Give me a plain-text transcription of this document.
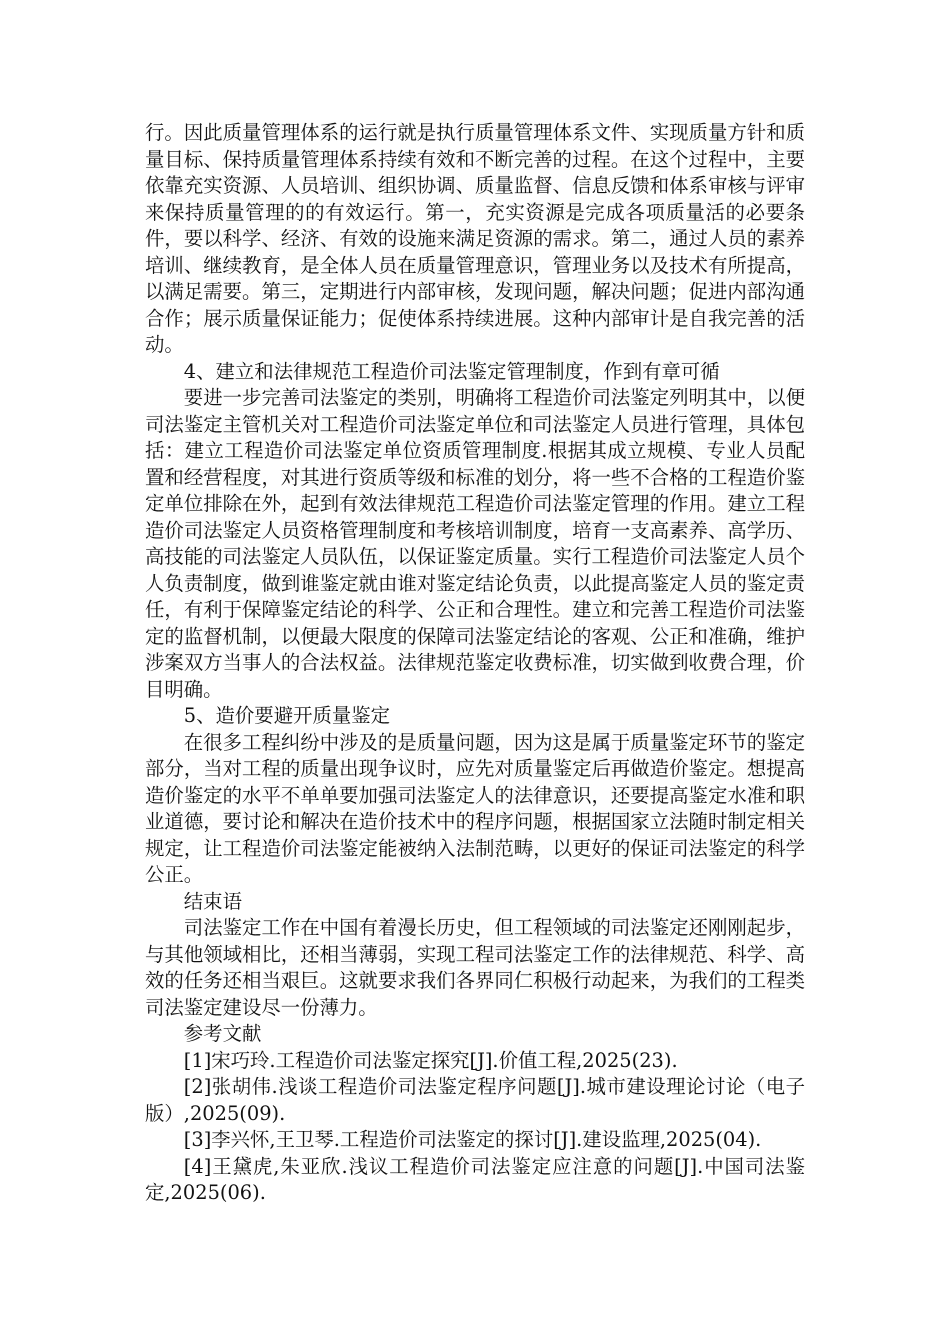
行。因此质量管理体系的运行就是执行质量管理体系文件、实现质量方针和质量目标、保持质量管理体系持续有效和不断完善的过程。在这个过程中，主要依靠充实资源、人员培训、组织协调、质量监督、信息反馈和体系审核与评审来保持质量管理的的有效运行。第一，充实资源是完成各项质量活的必要条件，要以科学、经济、有效的设施来满足资源的需求。第二，通过人员的素养培训、继续教育，是全体人员在质量管理意识，管理业务以及技术有所提高，以满足需要。第三，定期进行内部审核，发现问题，解决问题；促进内部沟通合作；展示质量保证能力；促使体系持续进展。这种内部审计是自我完善的活动。

4、建立和法律规范工程造价司法鉴定管理制度，作到有章可循

要进一步完善司法鉴定的类别，明确将工程造价司法鉴定列明其中，以便司法鉴定主管机关对工程造价司法鉴定单位和司法鉴定人员进行管理，具体包括：建立工程造价司法鉴定单位资质管理制度.根据其成立规模、专业人员配置和经营程度，对其进行资质等级和标准的划分，将一些不合格的工程造价鉴定单位排除在外，起到有效法律规范工程造价司法鉴定管理的作用。建立工程造价司法鉴定人员资格管理制度和考核培训制度，培育一支高素养、高学历、高技能的司法鉴定人员队伍，以保证鉴定质量。实行工程造价司法鉴定人员个人负责制度，做到谁鉴定就由谁对鉴定结论负责，以此提高鉴定人员的鉴定责任，有利于保障鉴定结论的科学、公正和合理性。建立和完善工程造价司法鉴定的监督机制，以便最大限度的保障司法鉴定结论的客观、公正和准确，维护涉案双方当事人的合法权益。法律规范鉴定收费标准，切实做到收费合理，价目明确。

5、造价要避开质量鉴定

在很多工程纠纷中涉及的是质量问题，因为这是属于质量鉴定环节的鉴定部分，当对工程的质量出现争议时，应先对质量鉴定后再做造价鉴定。想提高造价鉴定的水平不单单要加强司法鉴定人的法律意识，还要提高鉴定水准和职业道德，要讨论和解决在造价技术中的程序问题，根据国家立法随时制定相关规定，让工程造价司法鉴定能被纳入法制范畴，以更好的保证司法鉴定的科学公正。

结束语

司法鉴定工作在中国有着漫长历史，但工程领域的司法鉴定还刚刚起步，与其他领域相比，还相当薄弱，实现工程司法鉴定工作的法律规范、科学、高效的任务还相当艰巨。这就要求我们各界同仁积极行动起来，为我们的工程类司法鉴定建设尽一份薄力。

参考文献

[1]宋巧玲.工程造价司法鉴定探究[J].价值工程,2025(23).

[2]张胡伟.浅谈工程造价司法鉴定程序问题[J].城市建设理论讨论（电子版）,2025(09).

[3]李兴怀,王卫琴.工程造价司法鉴定的探讨[J].建设监理,2025(04).

[4]王黛虎,朱亚欣.浅议工程造价司法鉴定应注意的问题[J].中国司法鉴定,2025(06).
